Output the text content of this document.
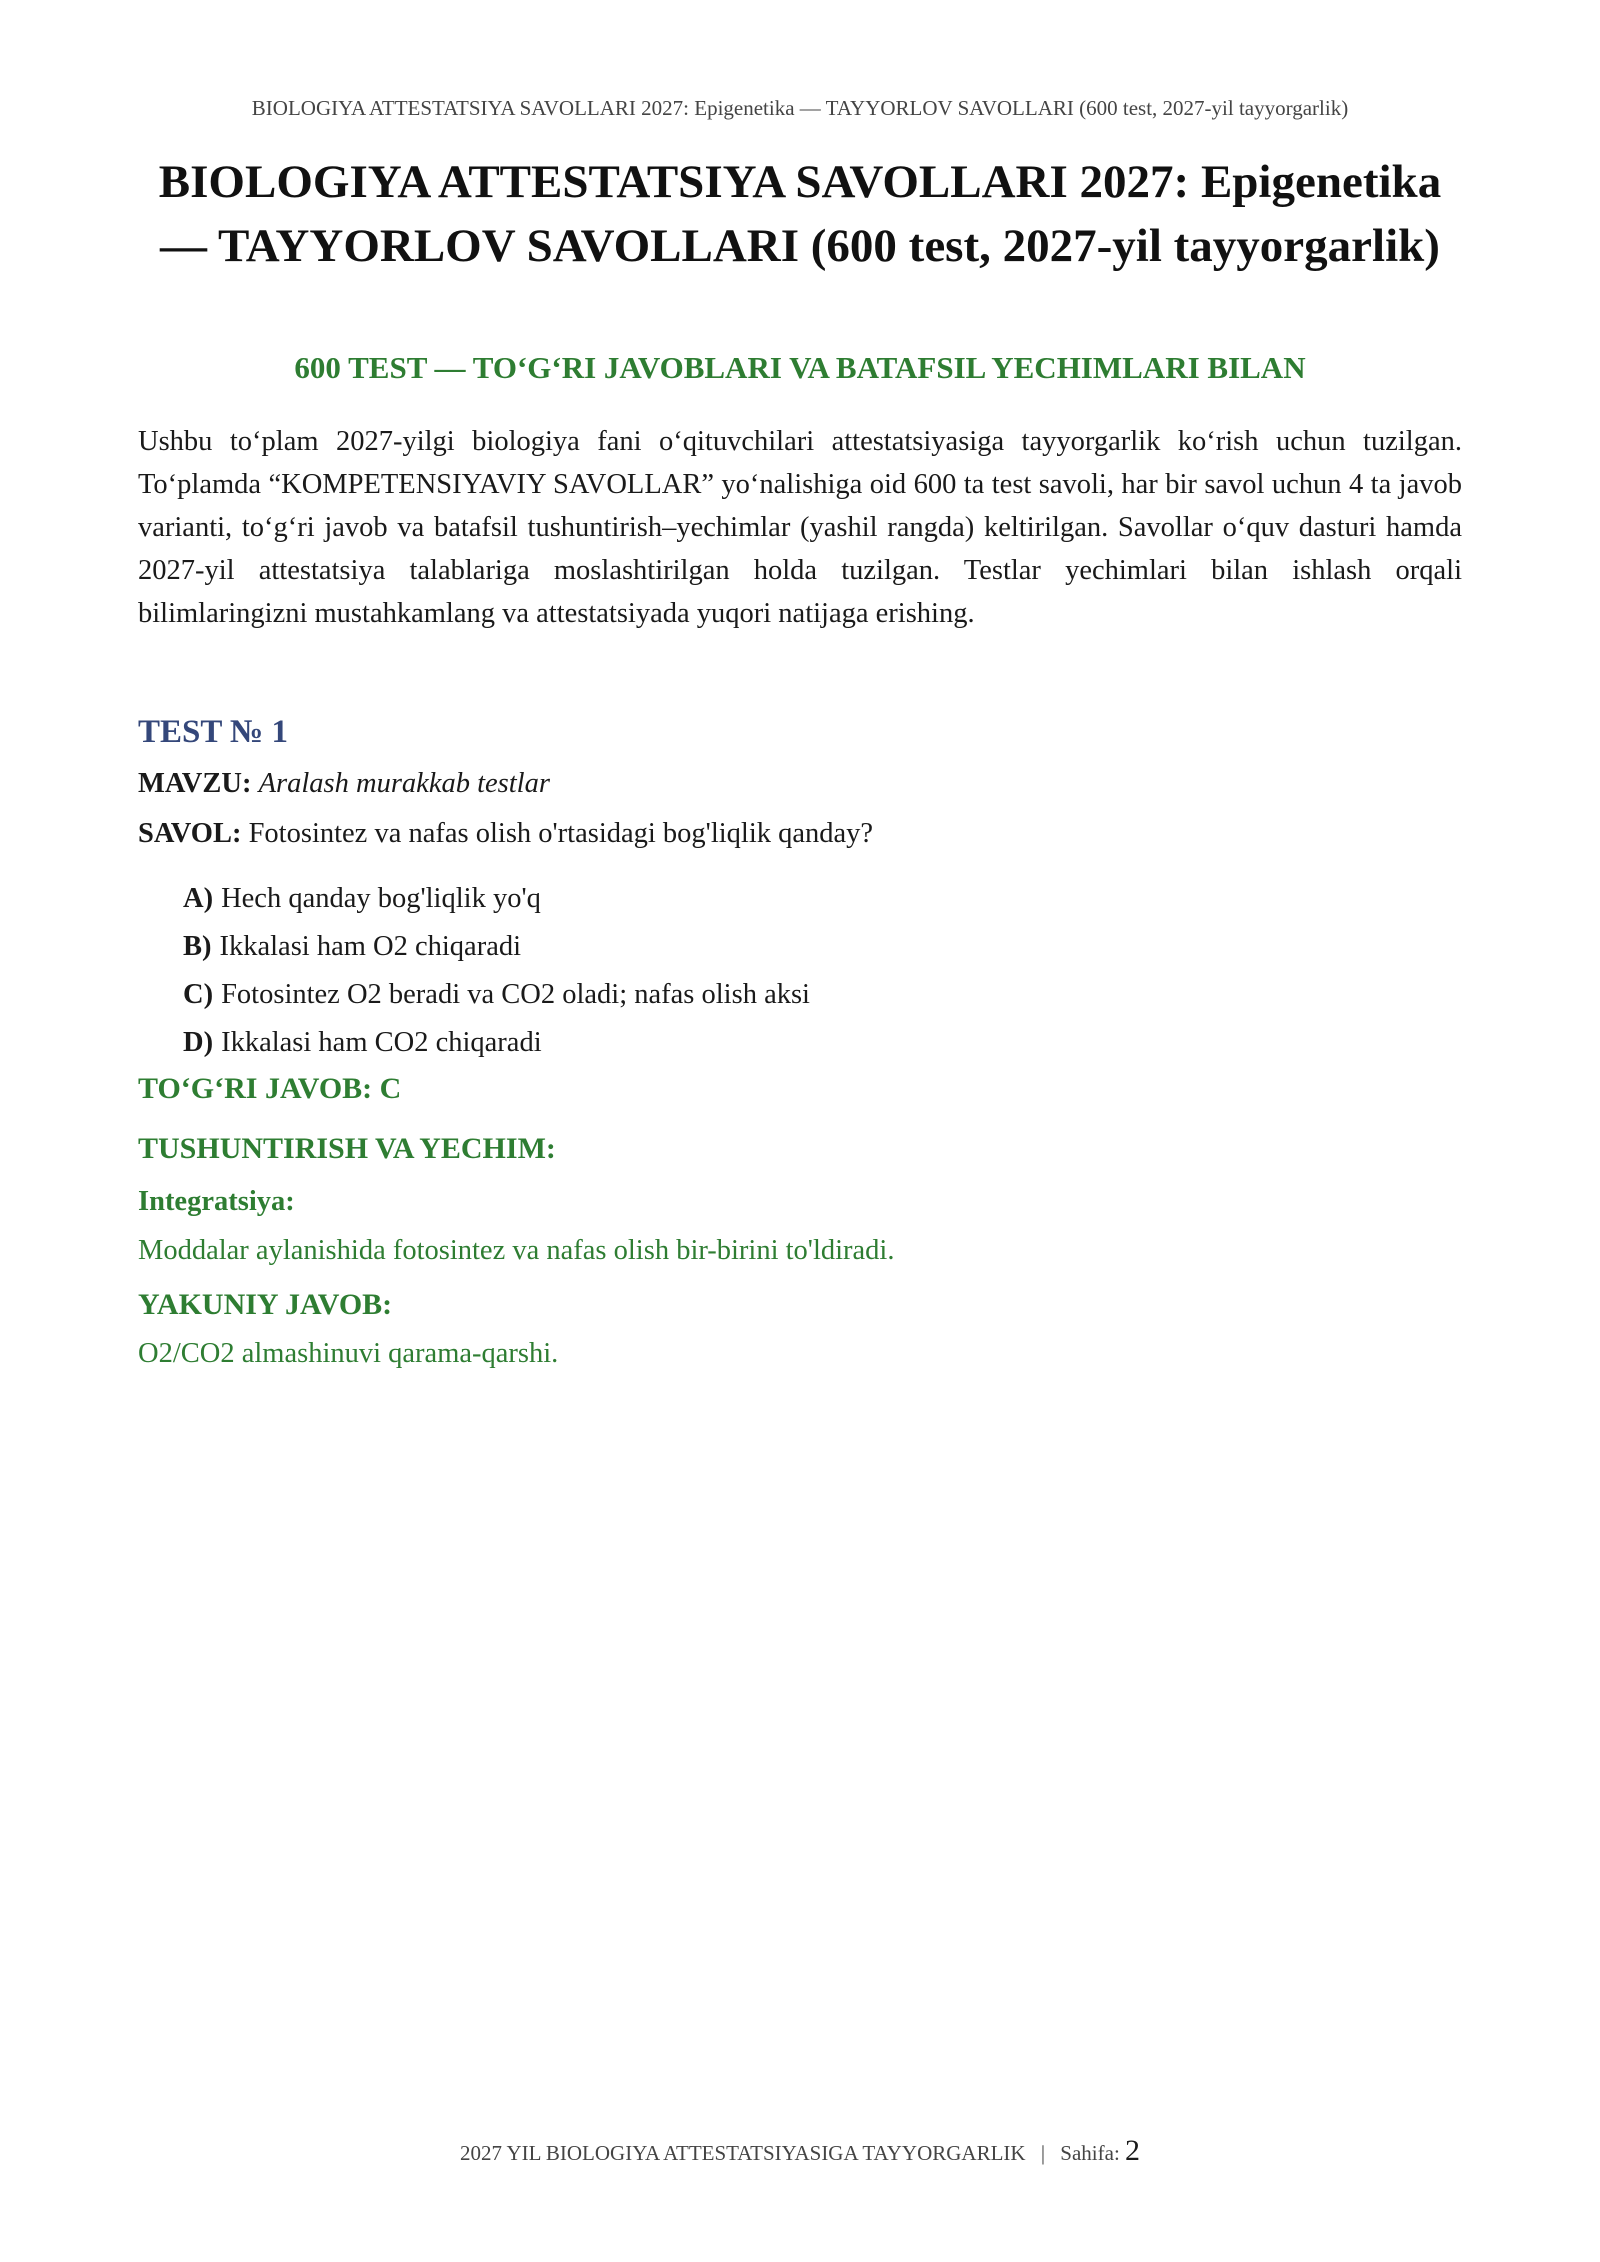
BIOLOGIYA ATTESTATSIYA SAVOLLARI 2027: Epigenetika — TAYYORLOV SAVOLLARI (600 test, 2027-yil tayyorgarlik)
BIOLOGIYA ATTESTATSIYA SAVOLLARI 2027: Epigenetika — TAYYORLOV SAVOLLARI (600 test, 2027-yil tayyorgarlik)
600 TEST — TO‘G‘RI JAVOBLARI VA BATAFSIL YECHIMLARI BILAN

Ushbu to‘plam 2027-yilgi biologiya fani o‘qituvchilari attestatsiyasiga tayyorgarlik ko‘rish uchun tuzilgan. To‘plamda “KOMPETENSIYAVIY SAVOLLAR” yo‘nalishiga oid 600 ta test savoli, har bir savol uchun 4 ta javob varianti, to‘g‘ri javob va batafsil tushuntirish–yechimlar (yashil rangda) keltirilgan. Savollar o‘quv dasturi hamda 2027-yil attestatsiya talablariga moslashtirilgan holda tuzilgan. Testlar yechimlari bilan ishlash orqali bilimlaringizni mustahkamlang va attestatsiyada yuqori natijaga erishing.

TEST № 1
MAVZU: Aralash murakkab testlar
SAVOL: Fotosintez va nafas olish o'rtasidagi bog'liqlik qanday?
A) Hech qanday bog'liqlik yo'q
B) Ikkalasi ham O2 chiqaradi
C) Fotosintez O2 beradi va CO2 oladi; nafas olish aksi
D) Ikkalasi ham CO2 chiqaradi
TO‘G‘RI JAVOB: C
TUSHUNTIRISH VA YECHIM:
Integratsiya:

Moddalar aylanishida fotosintez va nafas olish bir-birini to'ldiradi.

YAKUNIY JAVOB:

O2/CO2 almashinuvi qarama-qarshi.

2027 YIL BIOLOGIYA ATTESTATSIYASIGA TAYYORGARLIK | Sahifa: 2
